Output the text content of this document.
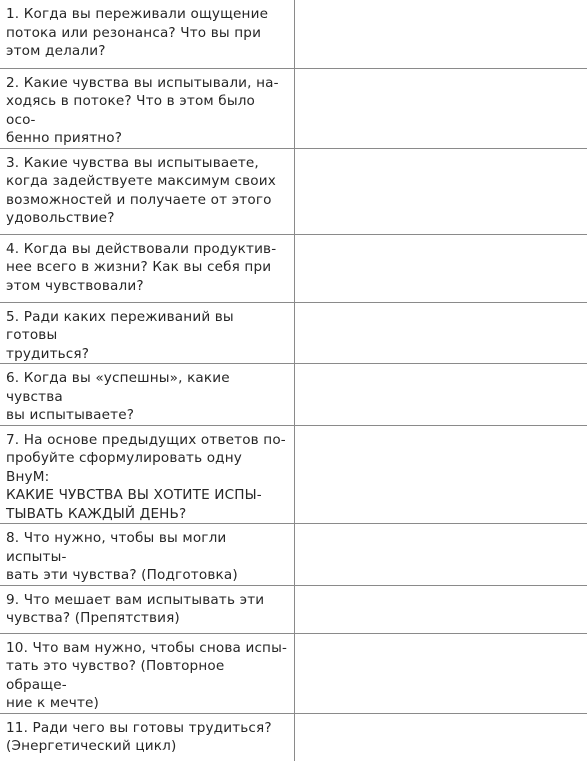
1. Когда вы переживали ощущение
потока или резонанса? Что вы при
этом делали?	

2. Какие чувства вы испытывали, на-
ходясь в потоке? Что в этом было осо-
бенно приятно?	

3. Какие чувства вы испытываете,
когда задействуете максимум своих
возможностей и получаете от этого
удовольствие?	

4. Когда вы действовали продуктив-
нее всего в жизни? Как вы себя при
этом чувствовали?	

5. Ради каких переживаний вы готовы
трудиться?	

6. Когда вы «успешны», какие чувства
вы испытываете?	

7. На основе предыдущих ответов по-
пробуйте сформулировать одну ВнуМ:
КАКИЕ ЧУВСТВА ВЫ ХОТИТЕ ИСПЫ-
ТЫВАТЬ КАЖДЫЙ ДЕНЬ?	

8. Что нужно, чтобы вы могли испыты-
вать эти чувства? (Подготовка)	

9. Что мешает вам испытывать эти
чувства? (Препятствия)	

10. Что вам нужно, чтобы снова испы-
тать это чувство? (Повторное обраще-
ние к мечте)	

11. Ради чего вы готовы трудиться?
(Энергетический цикл)	
